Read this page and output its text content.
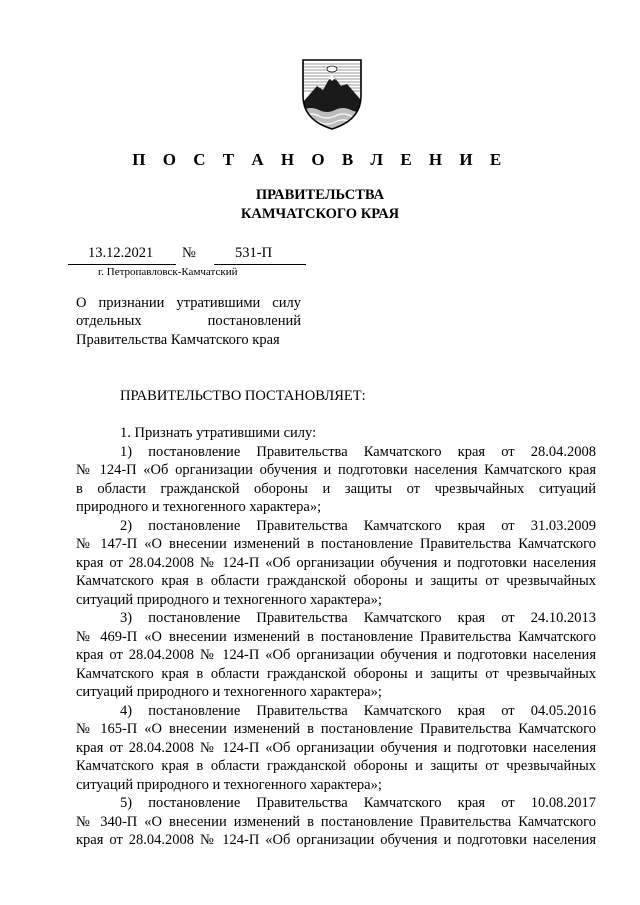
П О С Т А Н О В Л Е Н И Е
ПРАВИТЕЛЬСТВА
КАМЧАТСКОГО КРАЯ
13.12.2021 №	531-П
г. Петропавловск-Камчатский
О признании утратившими силу
отдельных постановлений
Правительства Камчатского края
ПРАВИТЕЛЬСТВО ПОСТАНОВЛЯЕТ:
1. Признать утратившими силу:
1) постановление Правительства Камчатского края от 28.04.2008
№ 124-П «Об организации обучения и подготовки населения Камчатского края
в области гражданской обороны и защиты от чрезвычайных ситуаций
природного и техногенного характера»;
2) постановление Правительства Камчатского края от 31.03.2009
№ 147-П «О внесении изменений в постановление Правительства Камчатского
края от 28.04.2008 № 124-П «Об организации обучения и подготовки населения
Камчатского края в области гражданской обороны и защиты от чрезвычайных
ситуаций природного и техногенного характера»;
3) постановление Правительства Камчатского края от 24.10.2013
№ 469-П «О внесении изменений в постановление Правительства Камчатского
края от 28.04.2008 № 124-П «Об организации обучения и подготовки населения
Камчатского края в области гражданской обороны и защиты от чрезвычайных
ситуаций природного и техногенного характера»;
4) постановление Правительства Камчатского края от 04.05.2016
№ 165-П «О внесении изменений в постановление Правительства Камчатского
края от 28.04.2008 № 124-П «Об организации обучения и подготовки населения
Камчатского края в области гражданской обороны и защиты от чрезвычайных
ситуаций природного и техногенного характера»;
5) постановление Правительства Камчатского края от 10.08.2017
№ 340-П «О внесении изменений в постановление Правительства Камчатского
края от 28.04.2008 № 124-П «Об организации обучения и подготовки населения
